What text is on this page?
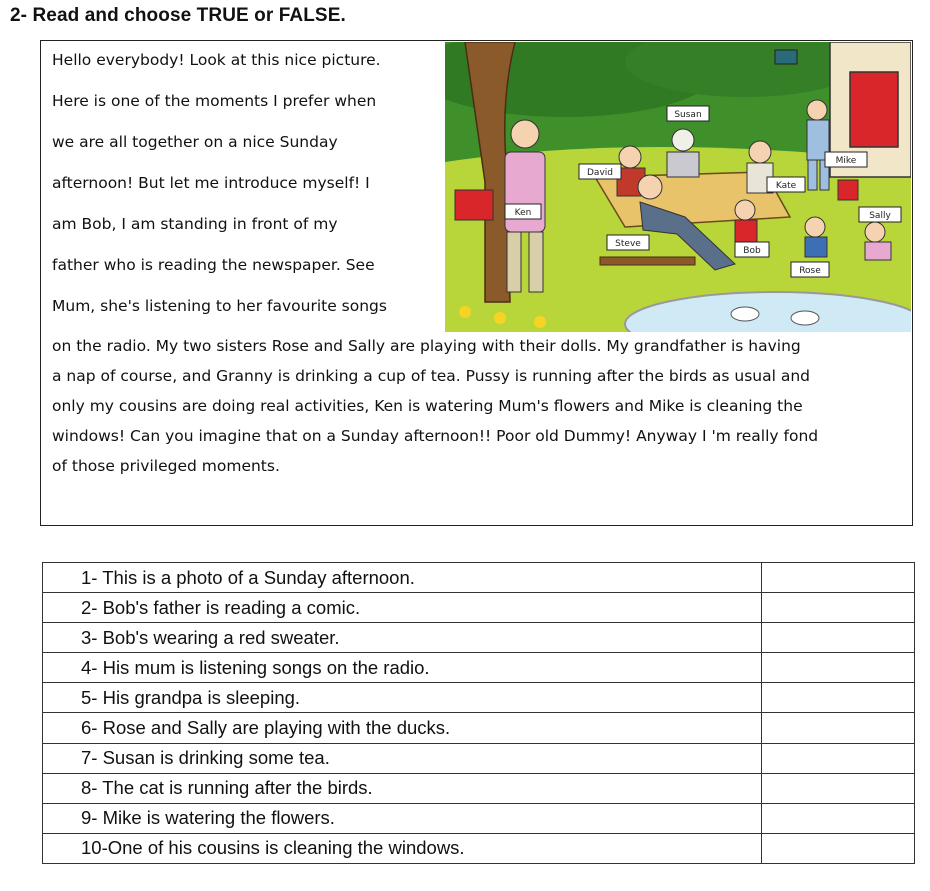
2- Read and choose TRUE or FALSE.
Hello everybody! Look at this nice picture.
Here is one of the moments I prefer when
we are all together on a nice Sunday
afternoon! But let me introduce myself! I
am Bob, I am standing in front of my
father who is reading the newspaper. See
Mum, she's listening to her favourite songs
on the radio. My two sisters Rose and Sally are playing with their dolls. My grandfather is having
a nap of course, and Granny is drinking a cup of tea. Pussy is running after the birds as usual and
only my cousins are doing real activities, Ken is watering Mum's flowers and Mike is cleaning the
windows! Can you imagine that on a Sunday afternoon!! Poor old Dummy! Anyway I 'm really fond
of those privileged moments.
Susan
David
Mike
Kate
Ken	Sally
Steve
Bob
Rose
1- This is a photo of a Sunday afternoon.	
2- Bob's father is reading a comic.	
3- Bob's wearing a red sweater.	
4- His mum is listening songs on the radio.	
5- His grandpa is sleeping.	
6- Rose and Sally are playing with the ducks.	
7- Susan is drinking some tea.	
8- The cat is running after the birds.	
9- Mike is watering the flowers.	
10-One of his cousins is cleaning the windows.	
